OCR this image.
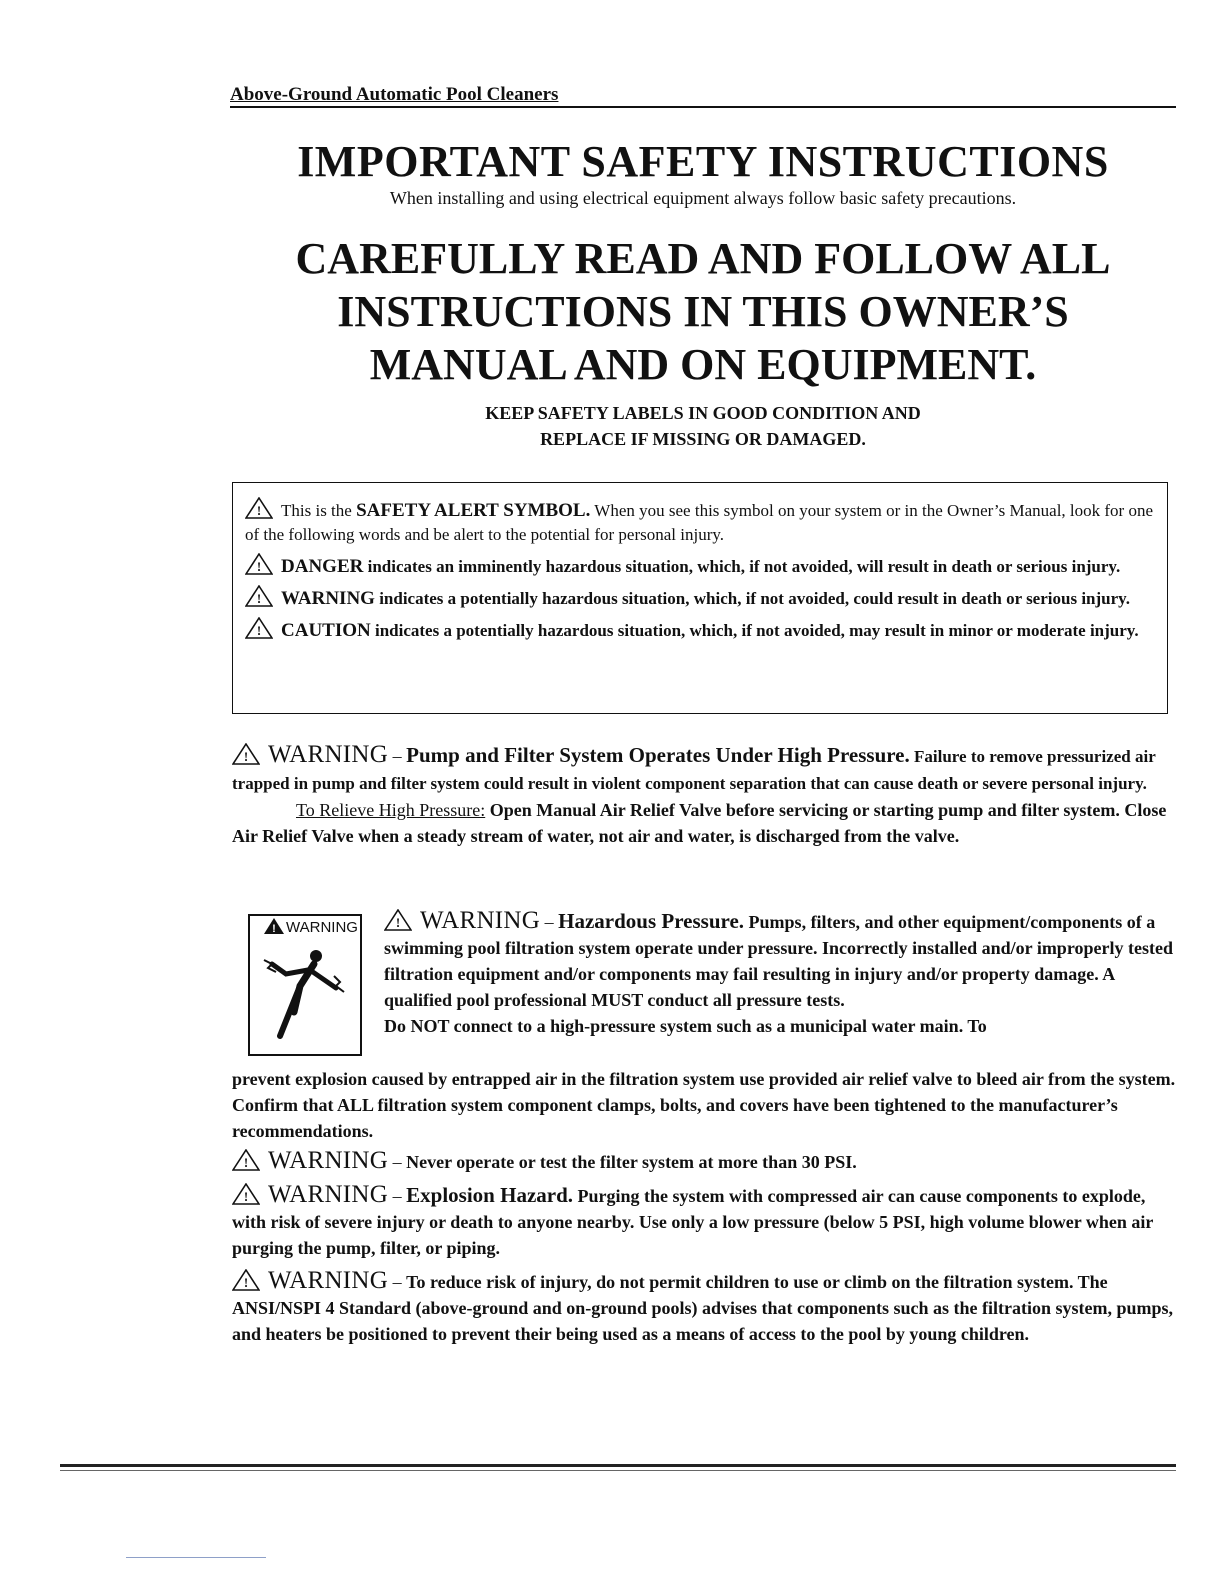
Above-Ground Automatic Pool Cleaners
IMPORTANT SAFETY INSTRUCTIONS
When installing and using electrical equipment always follow basic safety precautions.
CAREFULLY READ AND FOLLOW ALL
INSTRUCTIONS IN THIS OWNER’S
MANUAL AND ON EQUIPMENT.
KEEP SAFETY LABELS IN GOOD CONDITION AND
REPLACE IF MISSING OR DAMAGED.

! This is the SAFETY ALERT SYMBOL. When you see this symbol on your system or in the Owner’s Manual, look for one of the following words and be alert to the potential for personal injury.

! DANGER indicates an imminently hazardous situation, which, if not avoided, will result in death or serious injury.

! WARNING indicates a potentially hazardous situation, which, if not avoided, could result in death or serious injury.

! CAUTION indicates a potentially hazardous situation, which, if not avoided, may result in minor or moderate injury.

! WARNING – Pump and Filter System Operates Under High Pressure. Failure to remove pressurized air trapped in pump and filter system could result in violent component separation that can cause death or severe personal injury.
To Relieve High Pressure: Open Manual Air Relief Valve before servicing or starting pump and filter system. Close Air Relief Valve when a steady stream of water, not air and water, is discharged from the valve.
! WARNING	! WARNING – Hazardous Pressure. Pumps, filters, and other equipment/components of a swimming pool filtration system operate under pressure. Incorrectly installed and/or improperly tested filtration equipment and/or components may fail resulting in injury and/or property damage. A qualified pool professional MUST conduct all pressure tests.
Do NOT connect to a high-pressure system such as a municipal water main. To
prevent explosion caused by entrapped air in the filtration system use provided air relief valve to bleed air from the system. Confirm that ALL filtration system component clamps, bolts, and covers have been tightened to the manufacturer’s recommendations.
! WARNING – Never operate or test the filter system at more than 30 PSI.
! WARNING – Explosion Hazard. Purging the system with compressed air can cause components to explode, with risk of severe injury or death to anyone nearby. Use only a low pressure (below 5 PSI, high volume blower when air purging the pump, filter, or piping.
! WARNING – To reduce risk of injury, do not permit children to use or climb on the filtration system. The ANSI/NSPI 4 Standard (above-ground and on-ground pools) advises that components such as the filtration system, pumps, and heaters be positioned to prevent their being used as a means of access to the pool by young children.
